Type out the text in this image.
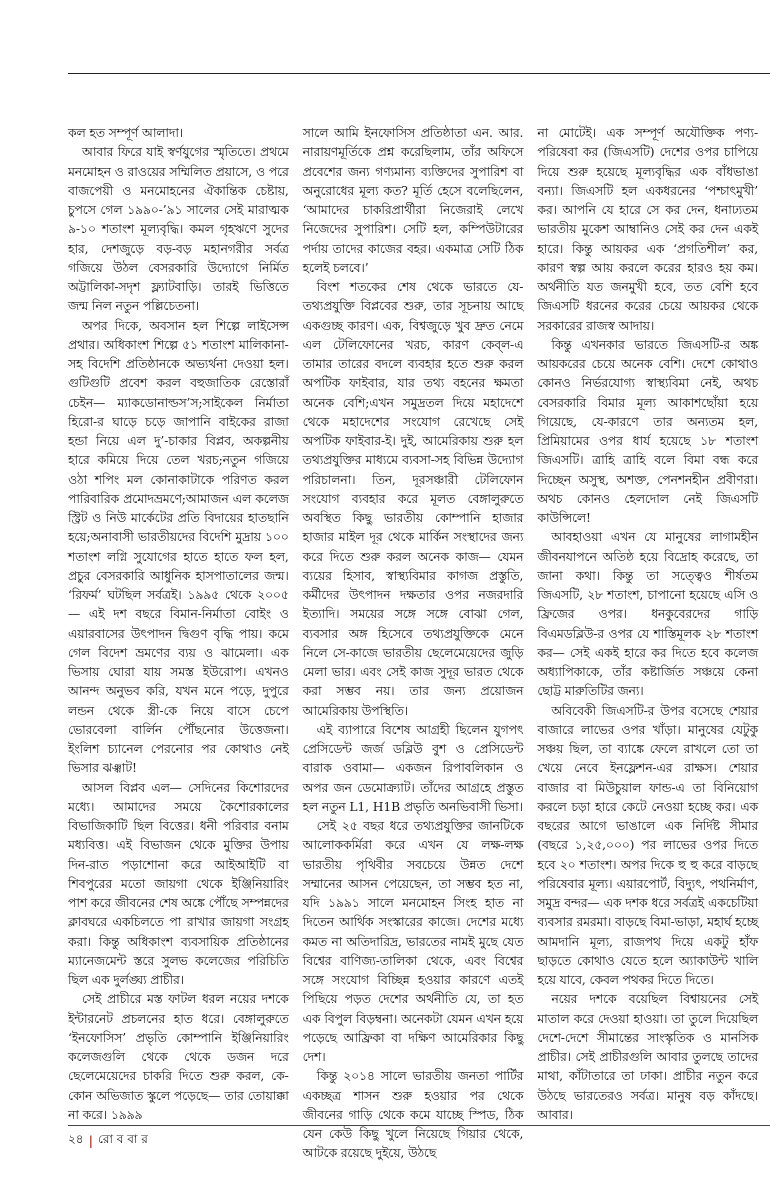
কল হত সম্পূর্ণ আলাদা।

আবার ফিরে যাই স্বর্ণযুগের স্মৃতিতে। প্রথমে মনমোহন ও রাওয়ের সম্মিলিত প্রয়াসে, ও পরে বাজপেয়ী ও মনমোহনের ঐকান্তিক চেষ্টায়, চুপসে গেল ১৯৯০-’৯১ সালের সেই মারাত্মক ৯-১০ শতাংশ মূল্যবৃদ্ধি। কমল গৃহঋণে সুদের হার, দেশজুড়ে বড়-বড় মহানগরীর সর্বত্র গজিয়ে উঠল বেসরকারি উদ্যোগে নির্মিত অট্টালিকা-সদৃশ ফ্ল্যাটবাড়ি। তারই ভিত্তিতে জন্ম নিল নতুন পল্লিচেতনা।

অপর দিকে, অবসান হল শিল্পে লাইসেন্স প্রথার। অধিকাংশ শিল্পে ৫১ শতাংশ মালিকানা-সহ বিদেশি প্রতিষ্ঠানকে অভ্যর্থনা দেওয়া হল। গুটিগুটি প্রবেশ করল বহুজাতিক রেস্তোরাঁ চেইন— ম্যাকডোনাল্ডস’স;সাইকেল নির্মাতা হিরো-র ঘাড়ে চড়ে জাপানি বাইকের রাজা হন্ডা নিয়ে এল দু’-চাকার বিপ্লব, অকল্পনীয় হারে কমিয়ে দিয়ে তেল খরচ;নতুন গজিয়ে ওঠা শপিং মল কোনাকাটাকে পরিণত করল পারিবারিক প্রমোদভ্রমণে;আমাজন এল কলেজ স্ট্রিট ও নিউ মার্কেটের প্রতি বিদায়ের হাতছানি হয়ে;অনাবাসী ভারতীয়দের বিদেশি মুদ্রায় ১০০ শতাংশ লগ্নি সুযোগের হাতে হাতে ফল হল, প্রচুর বেসরকারি আধুনিক হাসপাতালের জন্ম। ‘রিফর্ম’ ঘটছিল সর্বত্রই। ১৯৯৫ থেকে ২০০৫— এই দশ বছরে বিমান-নির্মাতা বোইং ও এয়ারবাসের উৎপাদন দ্বিগুণ বৃদ্ধি পায়। কমে গেল বিদেশ ভ্রমণের ব্যয় ও ঝামেলা। এক ভিসায় ঘোরা যায় সমস্ত ইউরোপ। এখনও আনন্দ অনুভব করি, যখন মনে পড়ে, দুপুরে লন্ডন থেকে স্ত্রী-কে নিয়ে বাসে চেপে ভোরবেলা বার্লিন পৌঁছনোর উত্তেজনা। ইংলিশ চ্যানেল পেরনোর পর কোথাও নেই ভিসার ঝঞ্ঝাট!

আসল বিপ্লব এল— সেদিনের কিশোরদের মধ্যে। আমাদের সময়ে কৈশোরকালের বিভাজিকাটি ছিল বিত্তের। ধনী পরিবার বনাম মধ্যবিত্ত। এই বিভাজন থেকে মুক্তির উপায় দিন-রাত পড়াশোনা করে আইআইটি বা শিবপুরের মতো জায়গা থেকে ইঞ্জিনিয়ারিং পাশ করে জীবনের শেষ অঙ্কে পৌঁছে সম্পন্নদের ক্লাবঘরে একচিলতে পা রাখার জায়গা সংগ্রহ করা। কিন্তু অধিকাংশ ব্যবসায়িক প্রতিষ্ঠানের ম্যানেজমেন্ট স্তরে সুলভ কলেজের পরিচিতি ছিল এক দুর্লঙ্ঘ্য প্রাচীর।

সেই প্রাচীরে মস্ত ফাটল ধরল নয়ের দশকে ইন্টারনেট প্রচলনের হাত ধরে। বেঙ্গালুরুতে ‘ইনফোসিস’ প্রভৃতি কোম্পানি ইঞ্জিনিয়ারিং কলেজগুলি থেকে থেকে ডজন দরে ছেলেমেয়েদের চাকরি দিতে শুরু করল, কে-কোন অভিজাত স্কুলে পড়েছে— তার তোয়াক্কা না করে। ১৯৯৯

সালে আমি ইনফোসিস প্রতিষ্ঠাতা এন. আর. নারায়ণমূর্তিকে প্রশ্ন করেছিলাম, তাঁর অফিসে প্রবেশের জন্য গণ্যমান্য ব্যক্তিদের সুপারিশ বা অনুরোধের মূল্য কত? মূর্তি হেসে বলেছিলেন, ‘আমাদের চাকরিপ্রার্থীরা নিজেরাই লেখে নিজেদের সুপারিশ। সেটি হল, কম্পিউটারের পর্দায় তাদের কাজের বহর। একমাত্র সেটি ঠিক হলেই চলবে।’

বিংশ শতকের শেষ থেকে ভারতে যে-তথ্যপ্রযুক্তি বিপ্লবের শুরু, তার সূচনায় আছে একগুচ্ছ কারণ। এক, বিশ্বজুড়ে খুব দ্রুত নেমে এল টেলিফোনের খরচ, কারণ কেব্‌ল-এ তামার তারের বদলে ব্যবহার হতে শুরু করল অপটিক ফাইবার, যার তথ্য বহনের ক্ষমতা অনেক বেশি;এখন সমুদ্রতল দিয়ে মহাদেশে থেকে মহাদেশের সংযোগ রেখেছে সেই অপটিক ফাইবার-ই। দুই, আমেরিকায় শুরু হল তথ্যপ্রযুক্তির মাধ্যমে ব্যবসা-সহ বিভিন্ন উদ্যোগ পরিচালনা। তিন, দূরসঞ্চারী টেলিফোন সংযোগ ব্যবহার করে মূলত বেঙ্গালুরুতে অবস্থিত কিছু ভারতীয় কোম্পানি হাজার হাজার মাইল দূর থেকে মার্কিন সংস্থাদের জন্য করে দিতে শুরু করল অনেক কাজ— যেমন ব্যয়ের হিসাব, স্বাস্থ্যবিমার কাগজ প্রস্তুতি, কর্মীদের উৎপাদন দক্ষতার ওপর নজরদারি ইত্যাদি। সময়ের সঙ্গে সঙ্গে বোঝা গেল, ব্যবসার অঙ্গ হিসেবে তথ্যপ্রযুক্তিকে মেনে নিলে সে-কাজে ভারতীয় ছেলেমেয়েদের জুড়ি মেলা ভার। এবং সেই কাজ সুদূর ভারত থেকে করা সম্ভব নয়। তার জন্য প্রয়োজন আমেরিকায় উপস্থিতি।

এই ব্যাপারে বিশেষ আগ্রহী ছিলেন যুগপৎ প্রেসিডেন্ট জর্জ ডব্লিউ বুশ ও প্রেসিডেন্ট বারাক ওবামা— একজন রিপাবলিকান ও অপর জন ডেমোক্র্যাট। তাঁদের আগ্রহে প্রস্তুত হল নতুন L1, H1B প্রভৃতি অনভিবাসী ভিসা।

সেই ২৫ বছর ধরে তথ্যপ্রযুক্তির জানটিকে আলোককর্মিরা করে এখন যে লক্ষ-লক্ষ ভারতীয় পৃথিবীর সবচেয়ে উন্নত দেশে সম্মানের আসন পেয়েছেন, তা সম্ভব হত না, যদি ১৯৯১ সালে মনমোহন সিংহ হাত না দিতেন আর্থিক সংস্কারের কাজে। দেশের মধ্যে কমত না অতিদারিদ্র, ভারতের নামই মুছে যেত বিশ্বের বাণিজ্য-তালিকা থেকে, এবং বিশ্বের সঙ্গে সংযোগ বিচ্ছিন্ন হওয়ার কারণে এতই পিছিয়ে পড়ত দেশের অর্থনীতি যে, তা হত এক বিপুল বিড়ম্বনা। অনেকটা যেমন এখন হয়ে পড়েছে আফ্রিকা বা দক্ষিণ আমেরিকার কিছু দেশ।

কিন্তু ২০১৪ সালে ভারতীয় জনতা পার্টির একচ্ছত্র শাসন শুরু হওয়ার পর থেকে জীবনের গাড়ি থেকে কমে যাচ্ছে স্পিড, ঠিক যেন কেউ কিছু খুলে নিয়েছে গিয়ার থেকে, আটকে রয়েছে দুইয়ে, উঠছে

না মোটেই। এক সম্পূর্ণ অযৌক্তিক পণ্য-পরিষেবা কর (জিএসটি) দেশের ওপর চাপিয়ে দিয়ে শুরু হয়েছে মূল্যবৃদ্ধির এক বাঁধভাঙা বন্যা। জিএসটি হল একধরনের ‘পশ্চাৎমুখী’ কর। আপনি যে হারে সে কর দেন, ধনাঢ্যতম ভারতীয় মুকেশ আম্বানিও সেই কর দেন একই হারে। কিন্তু আয়কর এক ‘প্রগতিশীল’ কর, কারণ স্বল্প আয় করলে করের হারও হয় কম। অর্থনীতি যত জনমুখী হবে, তত বেশি হবে জিএসটি ধরনের করের চেয়ে আয়কর থেকে সরকারের রাজস্ব আদায়।

কিন্তু এখনকার ভারতে জিএসটি-র অঙ্ক আয়করের চেয়ে অনেক বেশি। দেশে কোথাও কোনও নির্ভরযোগ্য স্বাস্থ্যবিমা নেই, অথচ বেসরকারি বিমার মূল্য আকাশছোঁয়া হয়ে গিয়েছে, যে-কারণে তার অন্যতম হল, প্রিমিয়ামের ওপর ধার্য হয়েছে ১৮ শতাংশ জিএসটি। ত্রাহি ত্রাহি বলে বিমা বন্ধ করে দিচ্ছেন অসুস্থ, অশক্ত, পেনশনহীন প্রবীণরা। অথচ কোনও হেলদোল নেই জিএসটি কাউন্সিলে!

আবহাওয়া এখন যে মানুষের লাগামহীন জীবনযাপনে অতিষ্ঠ হয়ে বিদ্রোহ করেছে, তা জানা কথা। কিন্তু তা সত্ত্বেও শীর্ষতম জিএসটি, ২৮ শতাংশ, চাপানো হয়েছে এসি ও ফ্রিজের ওপর। ধনকুবেরদের গাড়ি বিএমডব্লিউ-র ওপর যে শাস্তিমূলক ২৮ শতাংশ কর— সেই একই হারে কর দিতে হবে কলেজ অধ্যাপিকাকে, তাঁর কষ্টার্জিত সঞ্চয়ে কেনা ছোট্ট মারুতিটির জন্য।

অবিবেকী জিএসটি-র উপর বসেছে শেয়ার বাজারে লাভের ওপর খাঁড়া। মানুষের যেটুকু সঞ্চয় ছিল, তা ব্যাঙ্কে ফেলে রাখলে তো তা খেয়ে নেবে ইনফ্লেশন-এর রাক্ষস। শেয়ার বাজার বা মিউচুয়াল ফান্ড-এ তা বিনিয়োগ করলে চড়া হারে কেটে নেওয়া হচ্ছে কর। এক বছরের আগে ভাঙালে এক নির্দিষ্ট সীমার (বছরে ১,২৫,০০০) পর লাভের ওপর দিতে হবে ২০ শতাংশ। অপর দিকে হু হু করে বাড়ছে পরিষেবার মূল্য। এয়ারপোর্ট, বিদ্যুৎ, পথনির্মাণ, সমুদ্র বন্দর— এক দশক ধরে সর্বত্রই একচেটিয়া ব্যবসার রমরমা। বাড়ছে বিমা-ভাড়া, মহার্ঘ হচ্ছে আমদানি মূল্য, রাজপথ দিয়ে একটু হাঁফ ছাড়তে কোথাও যেতে হলে অ্যাকাউন্ট খালি হয়ে যাবে, কেবল পথকর দিতে দিতে।

নয়ের দশকে বয়েছিল বিশ্বায়নের সেই মাতাল করে দেওয়া হাওয়া। তা তুলে দিয়েছিল দেশে-দেশে সীমান্তের সাংস্কৃতিক ও মানসিক প্রাচীর। সেই প্রাচীরগুলি আবার তুলছে তাদের মাথা, কাঁটাতারে তা ঢাকা। প্রাচীর নতুন করে উঠছে ভারতেরও সর্বত্র। মানুষ বড় কাঁদছে। আবার।

২৪ | রো ব বা র
